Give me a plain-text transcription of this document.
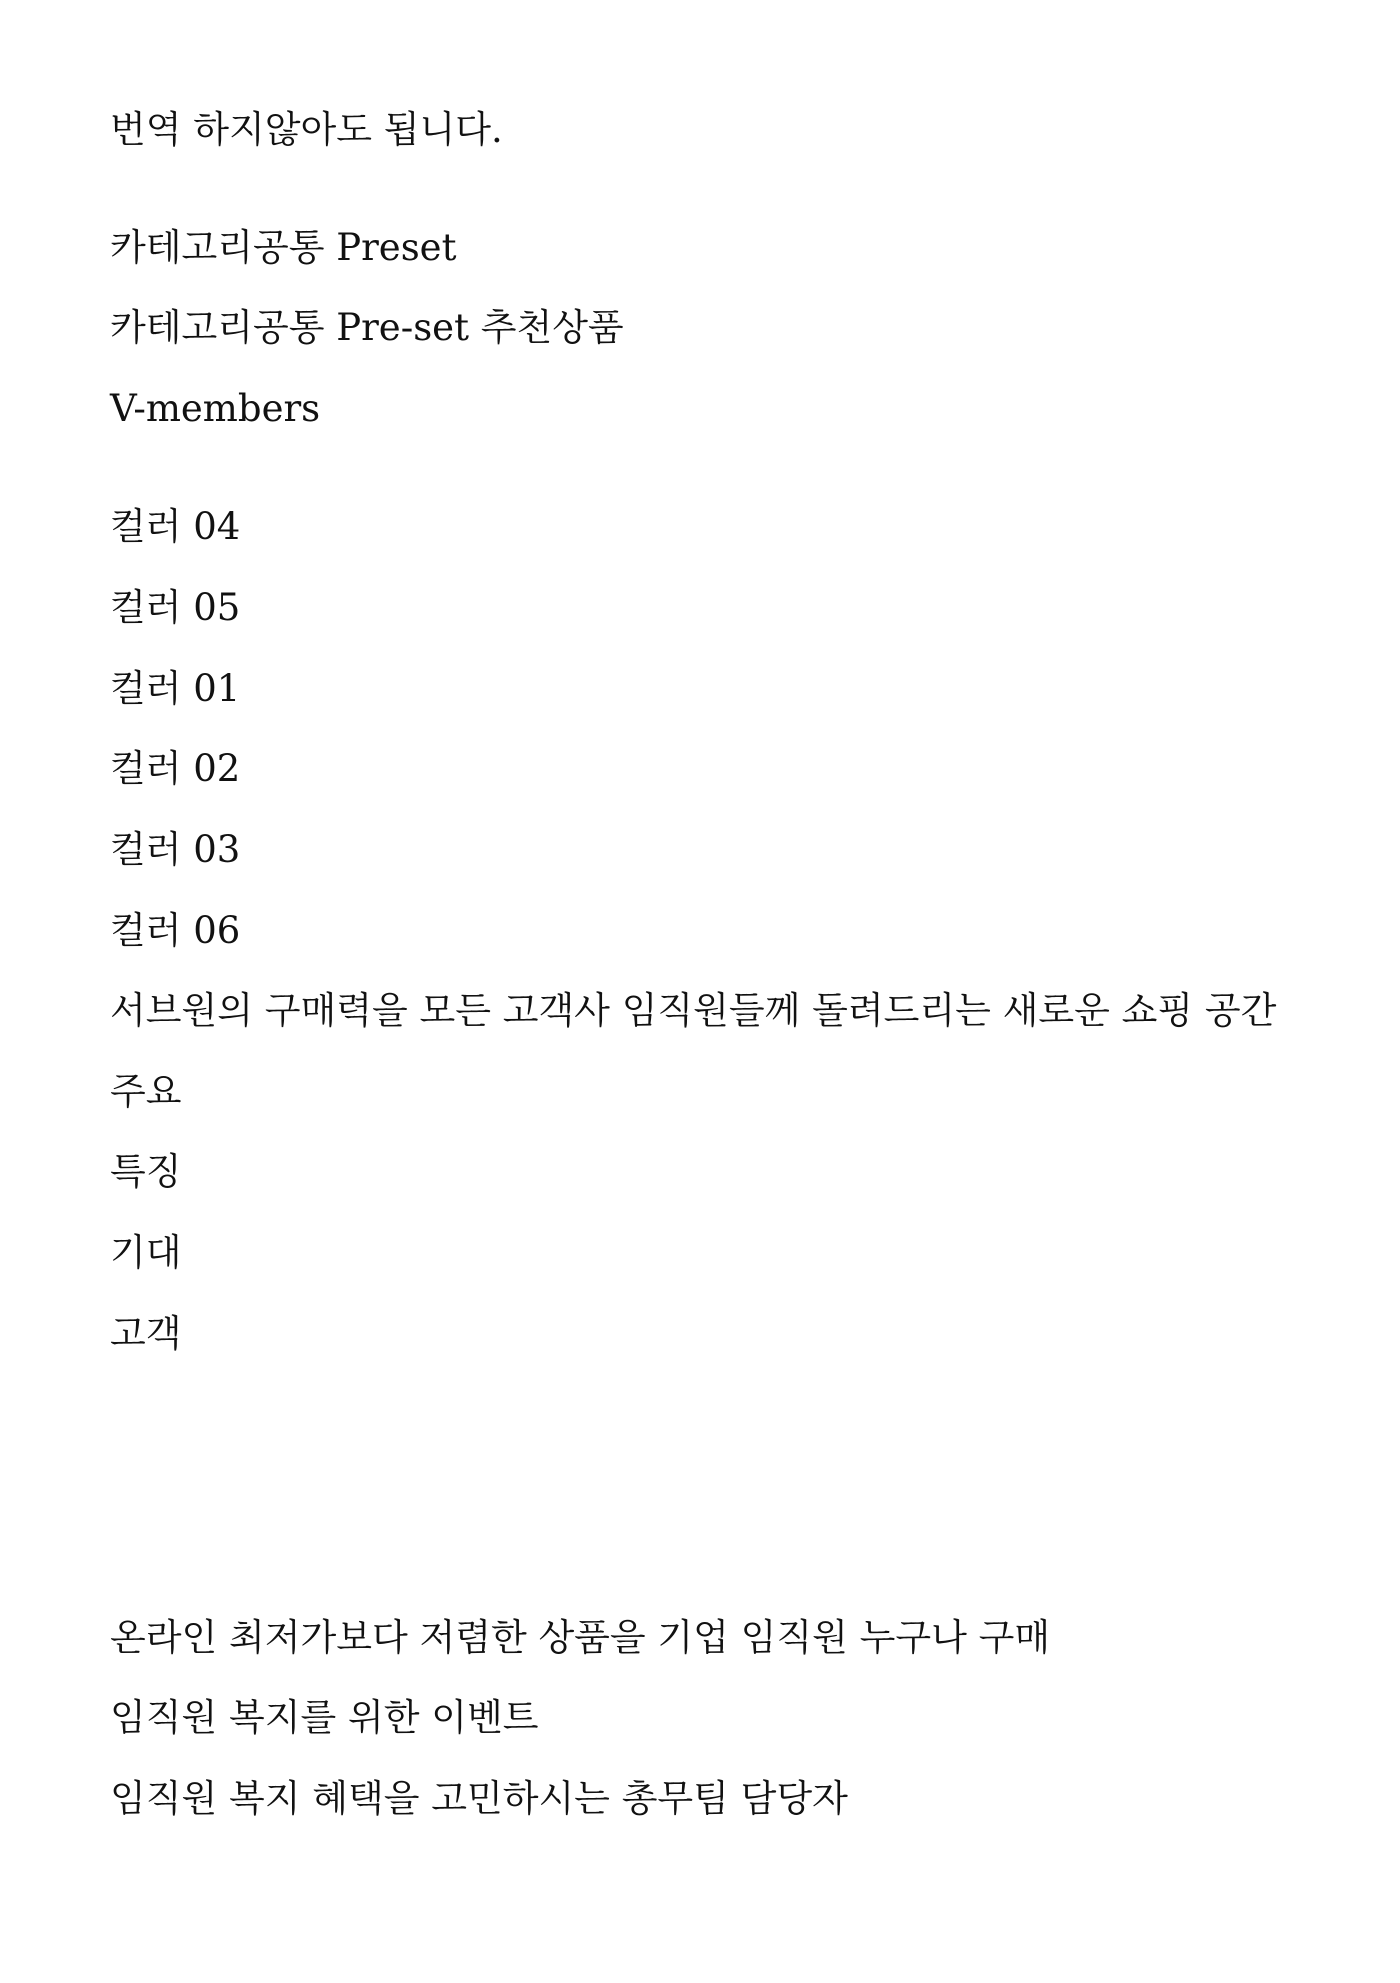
번역 하지않아도 됩니다.

카테고리공통 Preset

카테고리공통 Pre-set 추천상품

V-members

컬러 04

컬러 05

컬러 01

컬러 02

컬러 03

컬러 06

서브원의 구매력을 모든 고객사 임직원들께 돌려드리는 새로운 쇼핑 공간

주요

특징

기대

고객

온라인 최저가보다 저렴한 상품을 기업 임직원 누구나 구매

임직원 복지를 위한 이벤트

임직원 복지 혜택을 고민하시는 총무팀 담당자
